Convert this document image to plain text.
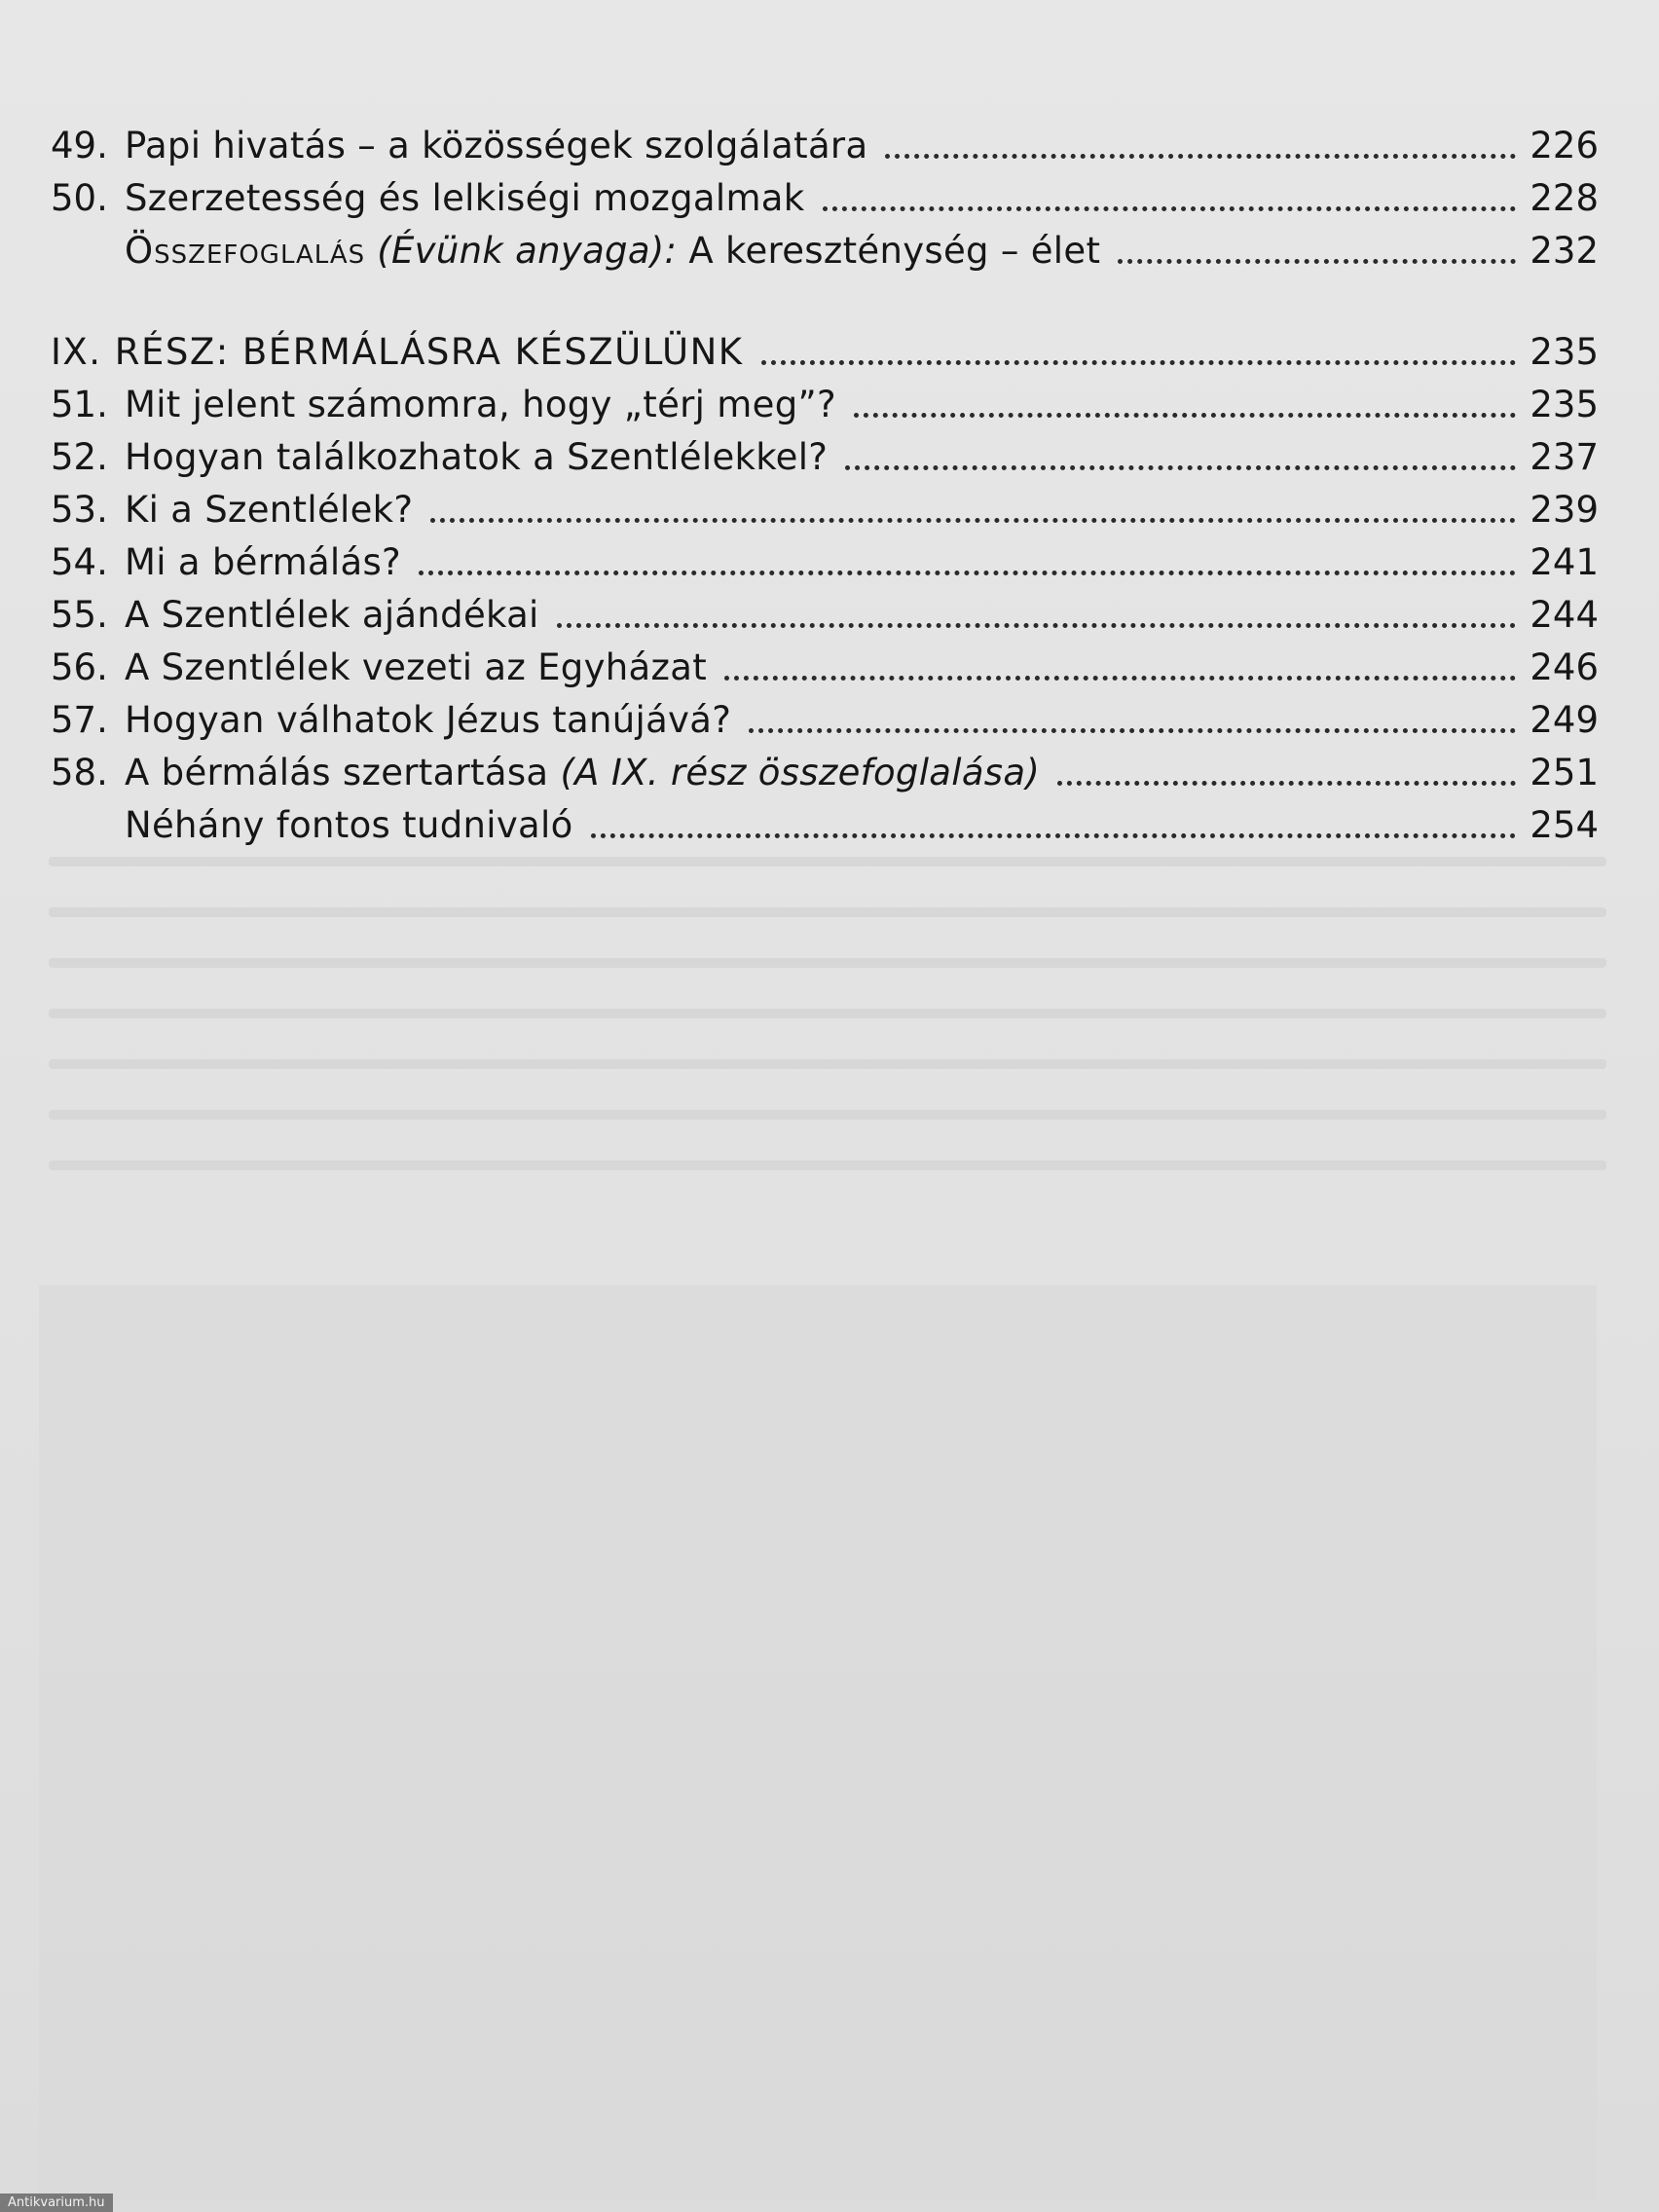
49. Papi hivatás – a közösségek szolgálatára	226
50. Szerzetesség és lelkiségi mozgalmak	228
Összefoglalás (Évünk anyaga): A kereszténység – élet	232
IX. RÉSZ: BÉRMÁLÁSRA KÉSZÜLÜNK	235
51. Mit jelent számomra, hogy „térj meg”?	235
52. Hogyan találkozhatok a Szentlélekkel?	237
53. Ki a Szentlélek?	239
54. Mi a bérmálás?	241
55. A Szentlélek ajándékai	244
56. A Szentlélek vezeti az Egyházat	246
57. Hogyan válhatok Jézus tanújává?	249
58. A bérmálás szertartása (A IX. rész összefoglalása)	251
Néhány fontos tudnivaló	254
Antikvarium.hu
